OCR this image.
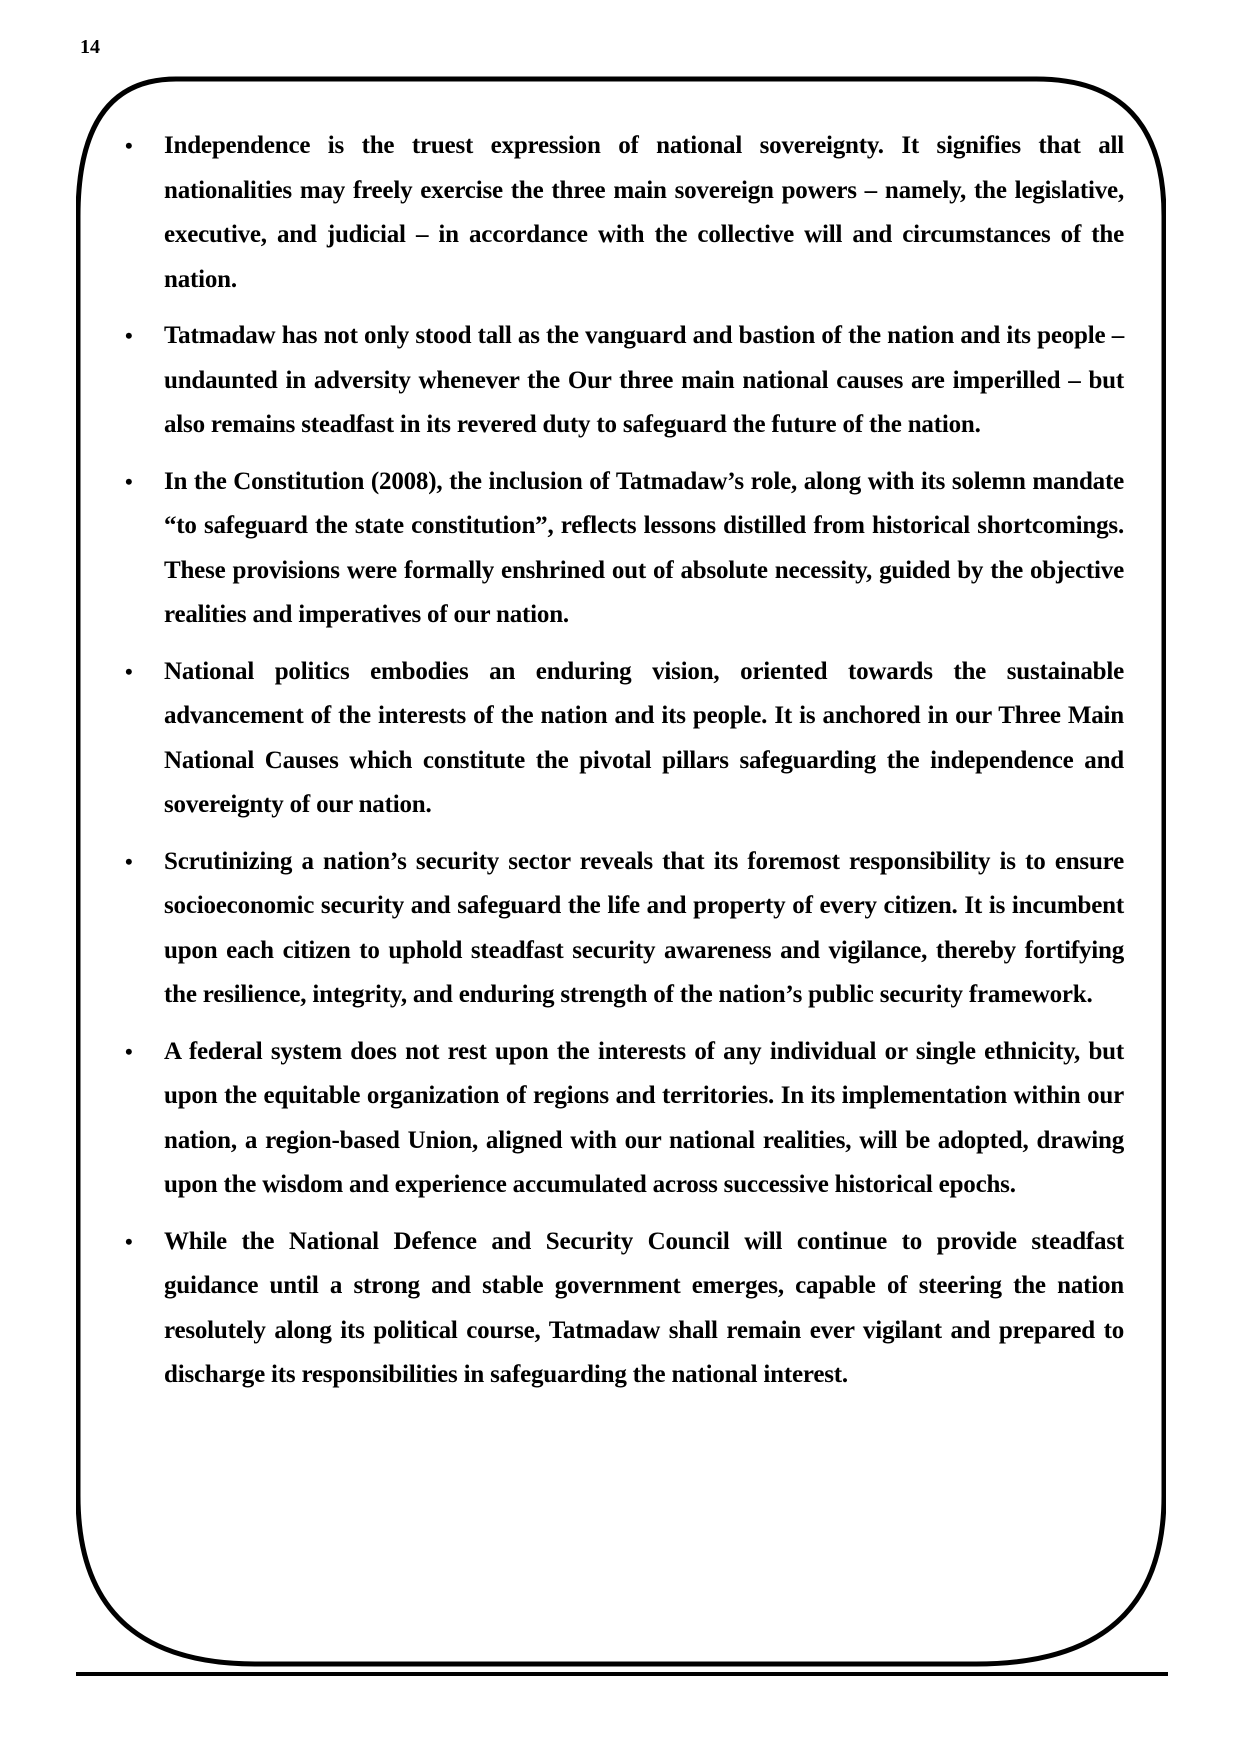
14
• Independence is the truest expression of national sovereignty. It signifies that all nationalities may freely exercise the three main sovereign powers – namely, the legislative, executive, and judicial – in accordance with the collective will and circumstances of the nation.
• Tatmadaw has not only stood tall as the vanguard and bastion of the nation and its people – undaunted in adversity whenever the Our three main national causes are imperilled – but also remains steadfast in its revered duty to safeguard the future of the nation.
• In the Constitution (2008), the inclusion of Tatmadaw’s role, along with its solemn mandate “to safeguard the state constitution”, reflects lessons distilled from historical shortcomings. These provisions were formally enshrined out of absolute necessity, guided by the objective realities and imperatives of our nation.
• National politics embodies an enduring vision, oriented towards the sustainable advancement of the interests of the nation and its people. It is anchored in our Three Main National Causes which constitute the pivotal pillars safeguarding the independence and sovereignty of our nation.
• Scrutinizing a nation’s security sector reveals that its foremost responsibility is to ensure socioeconomic security and safeguard the life and property of every citizen. It is incumbent upon each citizen to uphold steadfast security awareness and vigilance, thereby fortifying the resilience, integrity, and enduring strength of the nation’s public security framework.
• A federal system does not rest upon the interests of any individual or single ethnicity, but upon the equitable organization of regions and territories. In its implementation within our nation, a region-based Union, aligned with our national realities, will be adopted, drawing upon the wisdom and experience accumulated across successive historical epochs.
• While the National Defence and Security Council will continue to provide steadfast guidance until a strong and stable government emerges, capable of steering the nation resolutely along its political course, Tatmadaw shall remain ever vigilant and prepared to discharge its responsibilities in safeguarding the national interest.
